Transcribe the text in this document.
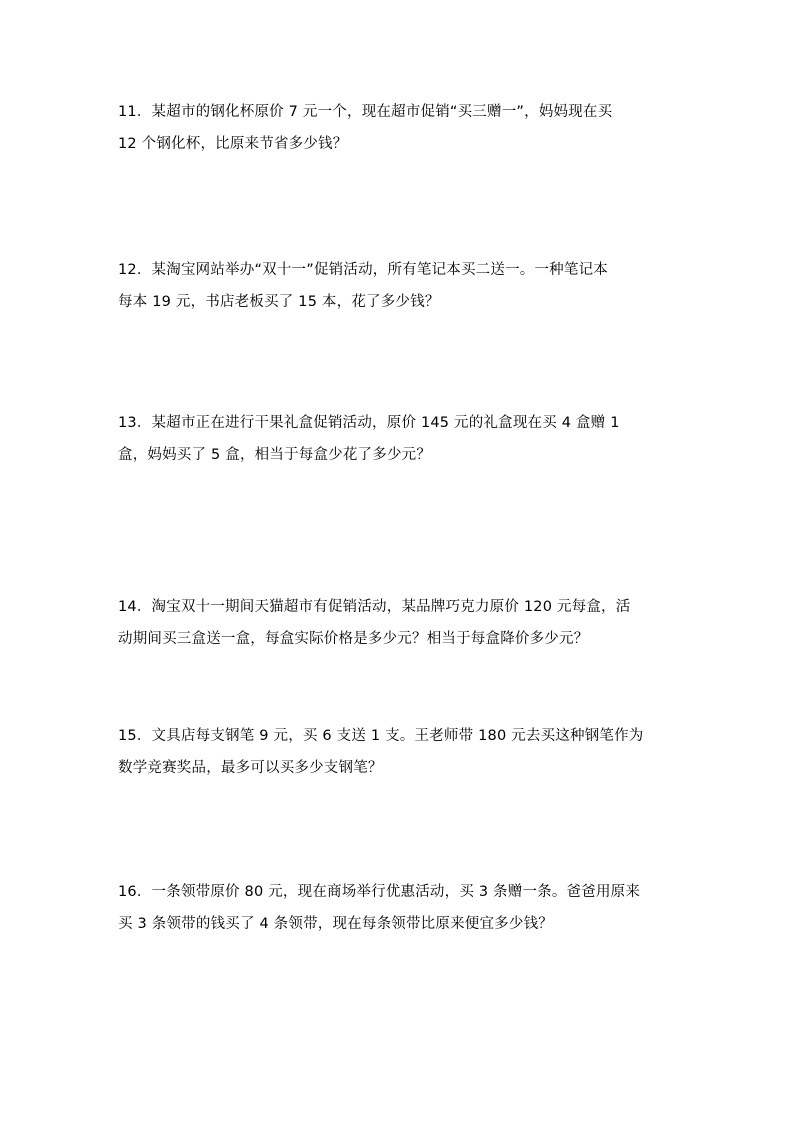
11．某超市的钢化杯原价 7 元一个，现在超市促销“买三赠一”，妈妈现在买
12 个钢化杯，比原来节省多少钱？
12．某淘宝网站举办“双十一”促销活动，所有笔记本买二送一。一种笔记本
每本 19 元，书店老板买了 15 本，花了多少钱？
13．某超市正在进行干果礼盒促销活动，原价 145 元的礼盒现在买 4 盒赠 1
盒，妈妈买了 5 盒，相当于每盒少花了多少元？
14．淘宝双十一期间天猫超市有促销活动，某品牌巧克力原价 120 元每盒，活
动期间买三盒送一盒，每盒实际价格是多少元？相当于每盒降价多少元？
15．文具店每支钢笔 9 元，买 6 支送 1 支。王老师带 180 元去买这种钢笔作为
数学竞赛奖品，最多可以买多少支钢笔？
16．一条领带原价 80 元，现在商场举行优惠活动，买 3 条赠一条。爸爸用原来
买 3 条领带的钱买了 4 条领带，现在每条领带比原来便宜多少钱？
